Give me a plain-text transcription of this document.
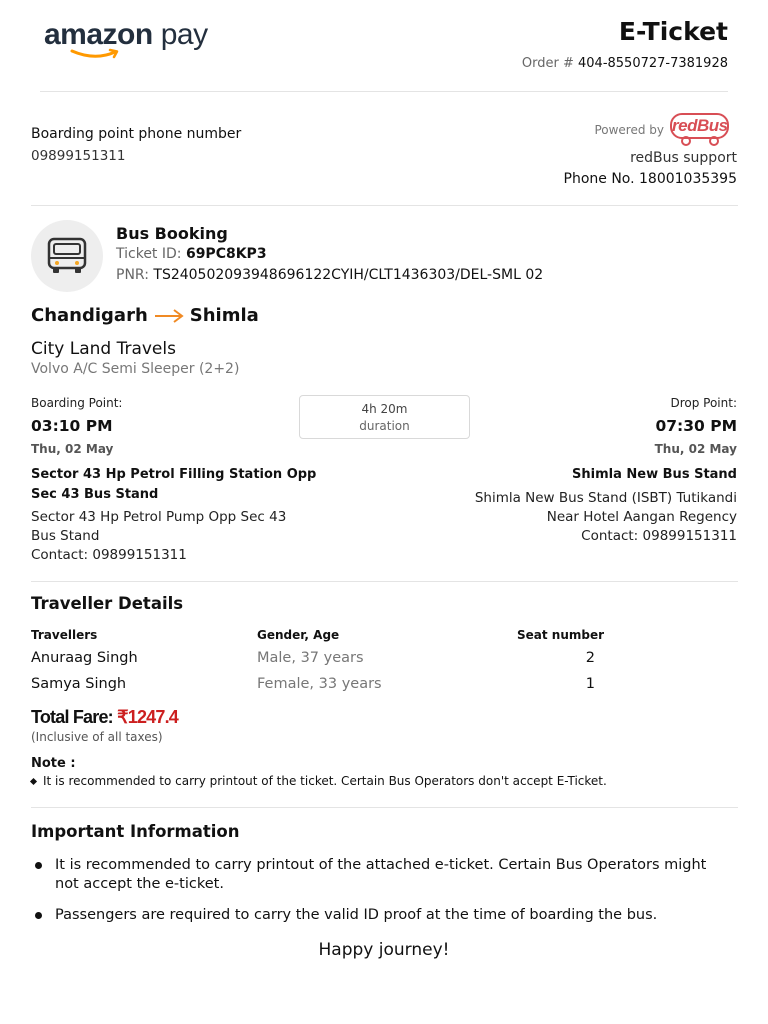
amazon pay	E-Ticket
Order # 404-8550727-7381928
Boarding point phone number
09899151311
Powered by redBus
redBus support
Phone No. 18001035395
Bus Booking
Ticket ID: 69PC8KP3
PNR: TS240502093948696122CYIH/CLT1436303/DEL-SML 02
Chandigarh Shimla
City Land Travels
Volvo A/C Semi Sleeper (2+2)
Boarding Point:
03:10 PM
Thu, 02 May
Sector 43 Hp Petrol Filling Station Opp
Sec 43 Bus Stand
Sector 43 Hp Petrol Pump Opp Sec 43
Bus Stand
Contact: 09899151311
4h 20m
duration
Drop Point:
07:30 PM
Thu, 02 May
Shimla New Bus Stand
Shimla New Bus Stand (ISBT) Tutikandi
Near Hotel Aangan Regency
Contact: 09899151311
Traveller Details
Travellers	Gender, Age	Seat number
Anuraag Singh	Male, 37 years	2
Samya Singh	Female, 33 years	1
Total Fare: ₹1247.4
(Inclusive of all taxes)
Note :
It is recommended to carry printout of the ticket. Certain Bus Operators don't accept E-Ticket.
Important Information
It is recommended to carry printout of the attached e-ticket. Certain Bus Operators might not accept the e-ticket.
Passengers are required to carry the valid ID proof at the time of boarding the bus.
Happy journey!
